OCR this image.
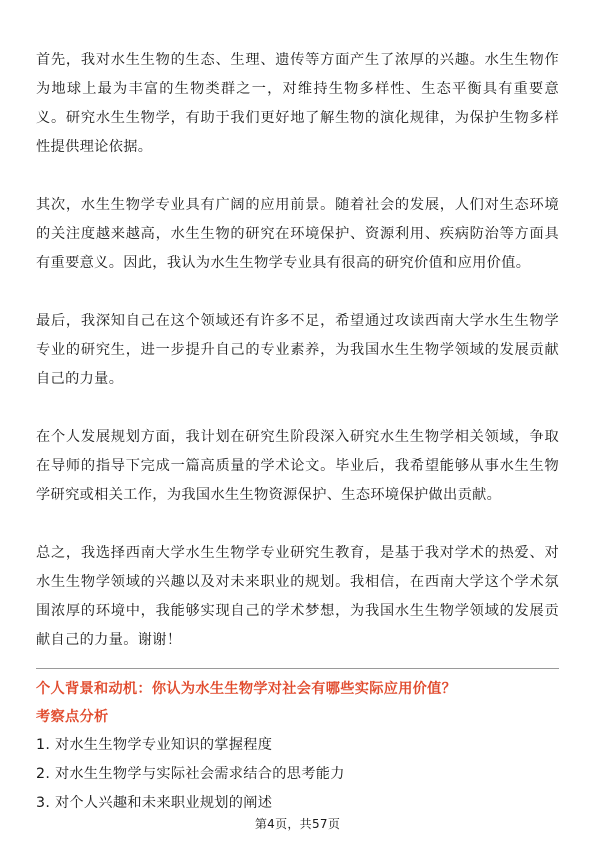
首先，我对水生生物的生态、生理、遗传等方面产生了浓厚的兴趣。水生生物作为地球上最为丰富的生物类群之一，对维持生物多样性、生态平衡具有重要意义。研究水生生物学，有助于我们更好地了解生物的演化规律，为保护生物多样性提供理论依据。

其次，水生生物学专业具有广阔的应用前景。随着社会的发展，人们对生态环境的关注度越来越高，水生生物的研究在环境保护、资源利用、疾病防治等方面具有重要意义。因此，我认为水生生物学专业具有很高的研究价值和应用价值。

最后，我深知自己在这个领域还有许多不足，希望通过攻读西南大学水生生物学专业的研究生，进一步提升自己的专业素养，为我国水生生物学领域的发展贡献自己的力量。

在个人发展规划方面，我计划在研究生阶段深入研究水生生物学相关领域，争取在导师的指导下完成一篇高质量的学术论文。毕业后，我希望能够从事水生生物学研究或相关工作，为我国水生生物资源保护、生态环境保护做出贡献。

总之，我选择西南大学水生生物学专业研究生教育，是基于我对学术的热爱、对水生生物学领域的兴趣以及对未来职业的规划。我相信，在西南大学这个学术氛围浓厚的环境中，我能够实现自己的学术梦想，为我国水生生物学领域的发展贡献自己的力量。谢谢！

个人背景和动机：你认为水生生物学对社会有哪些实际应用价值？

考察点分析

1. 对水生生物学专业知识的掌握程度
2. 对水生生物学与实际社会需求结合的思考能力
3. 对个人兴趣和未来职业规划的阐述
第4页，共57页
